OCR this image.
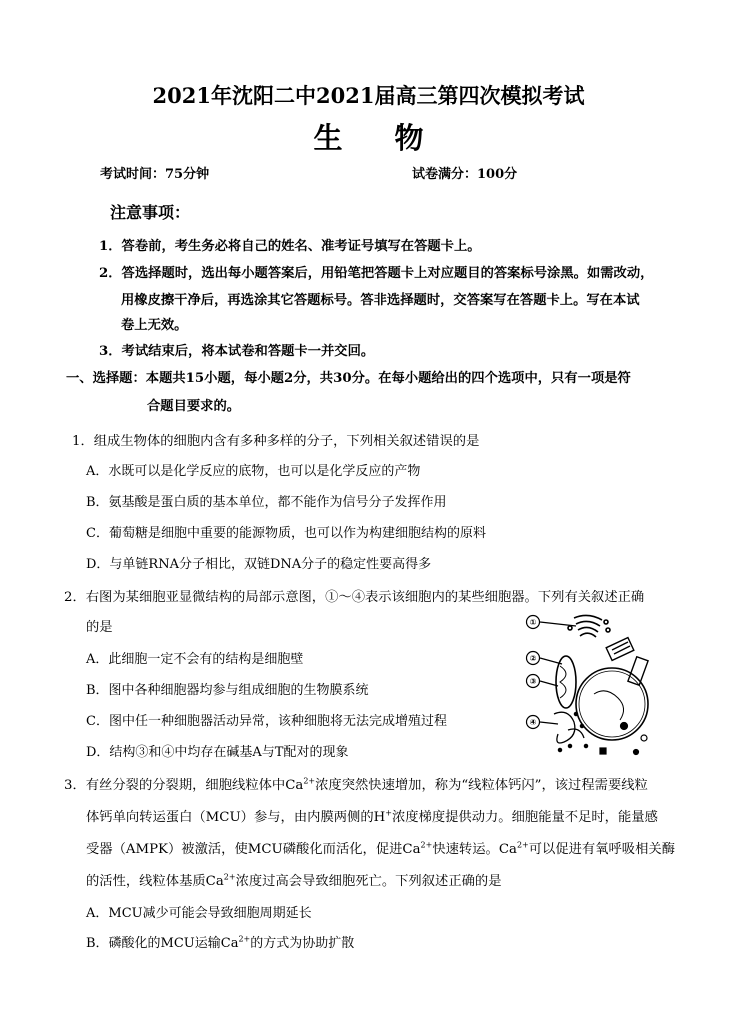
2021年沈阳二中2021届高三第四次模拟考试
生物
考试时间：75分钟	试卷满分：100分
注意事项：
1．答卷前，考生务必将自己的姓名、准考证号填写在答题卡上。
2．答选择题时，选出每小题答案后，用铅笔把答题卡上对应题目的答案标号涂黑。如需改动，
用橡皮擦干净后，再选涂其它答题标号。答非选择题时，交答案写在答题卡上。写在本试
卷上无效。
3．考试结束后，将本试卷和答题卡一并交回。
一、选择题：本题共15小题，每小题2分，共30分。在每小题给出的四个选项中，只有一项是符
合题目要求的。
1．组成生物体的细胞内含有多种多样的分子，下列相关叙述错误的是
A．水既可以是化学反应的底物，也可以是化学反应的产物
B．氨基酸是蛋白质的基本单位，都不能作为信号分子发挥作用
C．葡萄糖是细胞中重要的能源物质，也可以作为构建细胞结构的原料
D．与单链RNA分子相比，双链DNA分子的稳定性要高得多
2．右图为某细胞亚显微结构的局部示意图，①～④表示该细胞内的某些细胞器。下列有关叙述正确
的是
A．此细胞一定不会有的结构是细胞壁
B．图中各种细胞器均参与组成细胞的生物膜系统
C．图中任一种细胞器活动异常，该种细胞将无法完成增殖过程
D．结构③和④中均存在碱基A与T配对的现象
①
②
③
④
3．有丝分裂的分裂期，细胞线粒体中$Ca^{2+}$浓度突然快速增加，称为“线粒体钙闪”，该过程需要线粒
体钙单向转运蛋白（MCU）参与，由内膜两侧的H+浓度梯度提供动力。细胞能量不足时，能量感
受器（AMPK）被激活，使MCU磷酸化而活化，促进$Ca^{2+}$快速转运。$Ca^{2+}$可以促进有氧呼吸相关酶
的活性，线粒体基质$Ca^{2+}$浓度过高会导致细胞死亡。下列叙述正确的是
A．MCU减少可能会导致细胞周期延长
B．磷酸化的MCU运输$Ca^{2+}$的方式为协助扩散
